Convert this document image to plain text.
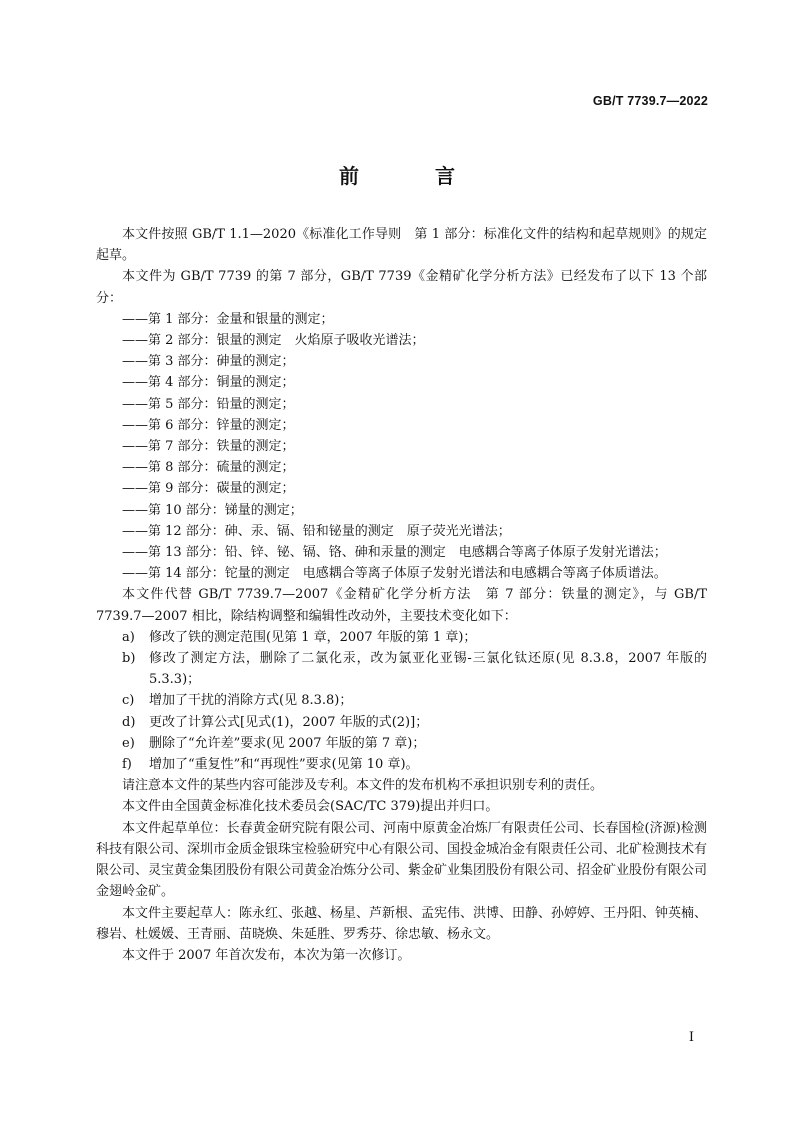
GB/T 7739.7—2022
前　言

本文件按照 GB/T 1.1—2020《标准化工作导则　第 1 部分：标准化文件的结构和起草规则》的规定起草。

本文件为 GB/T 7739 的第 7 部分，GB/T 7739《金精矿化学分析方法》已经发布了以下 13 个部分：

——第 1 部分：金量和银量的测定；

——第 2 部分：银量的测定　火焰原子吸收光谱法；

——第 3 部分：砷量的测定；

——第 4 部分：铜量的测定；

——第 5 部分：铅量的测定；

——第 6 部分：锌量的测定；

——第 7 部分：铁量的测定；

——第 8 部分：硫量的测定；

——第 9 部分：碳量的测定；

——第 10 部分：锑量的测定；

——第 12 部分：砷、汞、镉、铅和铋量的测定　原子荧光光谱法；

——第 13 部分：铅、锌、铋、镉、铬、砷和汞量的测定　电感耦合等离子体原子发射光谱法；

——第 14 部分：铊量的测定　电感耦合等离子体原子发射光谱法和电感耦合等离子体质谱法。

本文件代替 GB/T 7739.7—2007《金精矿化学分析方法　第 7 部分：铁量的测定》，与 GB/T 7739.7—2007 相比，除结构调整和编辑性改动外，主要技术变化如下：

a)	修改了铁的测定范围(见第 1 章，2007 年版的第 1 章)；
b)	修改了测定方法，删除了二氯化汞，改为氯亚化亚锡-三氯化钛还原(见 8.3.8，2007 年版的 5.3.3)；
c)	增加了干扰的消除方式(见 8.3.8)；
d)	更改了计算公式[见式(1)，2007 年版的式(2)]；
e)	删除了“允许差”要求(见 2007 年版的第 7 章)；
f)	增加了“重复性”和“再现性”要求(见第 10 章)。

请注意本文件的某些内容可能涉及专利。本文件的发布机构不承担识别专利的责任。

本文件由全国黄金标准化技术委员会(SAC/TC 379)提出并归口。

本文件起草单位：长春黄金研究院有限公司、河南中原黄金冶炼厂有限责任公司、长春国检(济源)检测科技有限公司、深圳市金质金银珠宝检验研究中心有限公司、国投金城冶金有限责任公司、北矿检测技术有限公司、灵宝黄金集团股份有限公司黄金冶炼分公司、紫金矿业集团股份有限公司、招金矿业股份有限公司金翅岭金矿。

本文件主要起草人：陈永红、张越、杨星、芦新根、孟宪伟、洪博、田静、孙婷婷、王丹阳、钟英楠、穆岩、杜媛媛、王青丽、苗晓焕、朱延胜、罗秀芬、徐忠敏、杨永文。

本文件于 2007 年首次发布，本次为第一次修订。

I
